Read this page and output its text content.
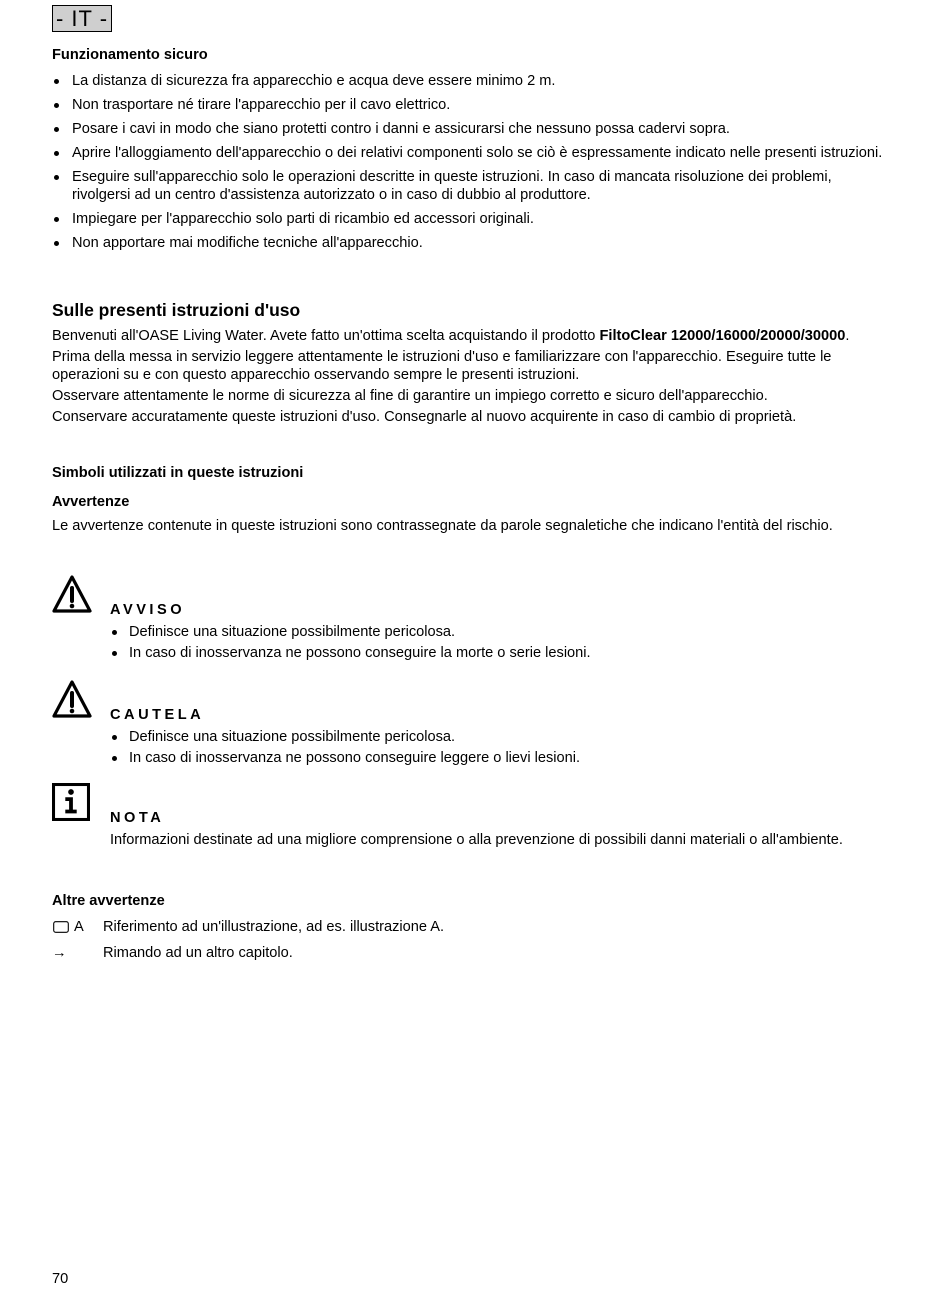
- IT -
Funzionamento sicuro
La distanza di sicurezza fra apparecchio e acqua deve essere minimo 2 m.
Non trasportare né tirare l'apparecchio per il cavo elettrico.
Posare i cavi in modo che siano protetti contro i danni e assicurarsi che nessuno possa cadervi sopra.
Aprire l'alloggiamento dell'apparecchio o dei relativi componenti solo se ciò è espressamente indicato nelle presenti istruzioni.
Eseguire sull'apparecchio solo le operazioni descritte in queste istruzioni. In caso di mancata risoluzione dei problemi, rivolgersi ad un centro d'assistenza autorizzato o in caso di dubbio al produttore.
Impiegare per l'apparecchio solo parti di ricambio ed accessori originali.
Non apportare mai modifiche tecniche all'apparecchio.
Sulle presenti istruzioni d'uso

Benvenuti all'OASE Living Water. Avete fatto un'ottima scelta acquistando il prodotto FiltoClear 12000/16000/20000/30000.

Prima della messa in servizio leggere attentamente le istruzioni d'uso e familiarizzare con l'apparecchio. Eseguire tutte le operazioni su e con questo apparecchio osservando sempre le presenti istruzioni.

Osservare attentamente le norme di sicurezza al fine di garantire un impiego corretto e sicuro dell'apparecchio.

Conservare accuratamente queste istruzioni d'uso. Consegnarle al nuovo acquirente in caso di cambio di proprietà.

Simboli utilizzati in queste istruzioni
Avvertenze

Le avvertenze contenute in queste istruzioni sono contrassegnate da parole segnaletiche che indicano l'entità del rischio.

AVVISO
Definisce una situazione possibilmente pericolosa.
In caso di inosservanza ne possono conseguire la morte o serie lesioni.
CAUTELA
Definisce una situazione possibilmente pericolosa.
In caso di inosservanza ne possono conseguire leggere o lievi lesioni.
NOTA

Informazioni destinate ad una migliore comprensione o alla prevenzione di possibili danni materiali o all'ambiente.

Altre avvertenze
A Riferimento ad un'illustrazione, ad es. illustrazione A.
→ Rimando ad un altro capitolo.
70
